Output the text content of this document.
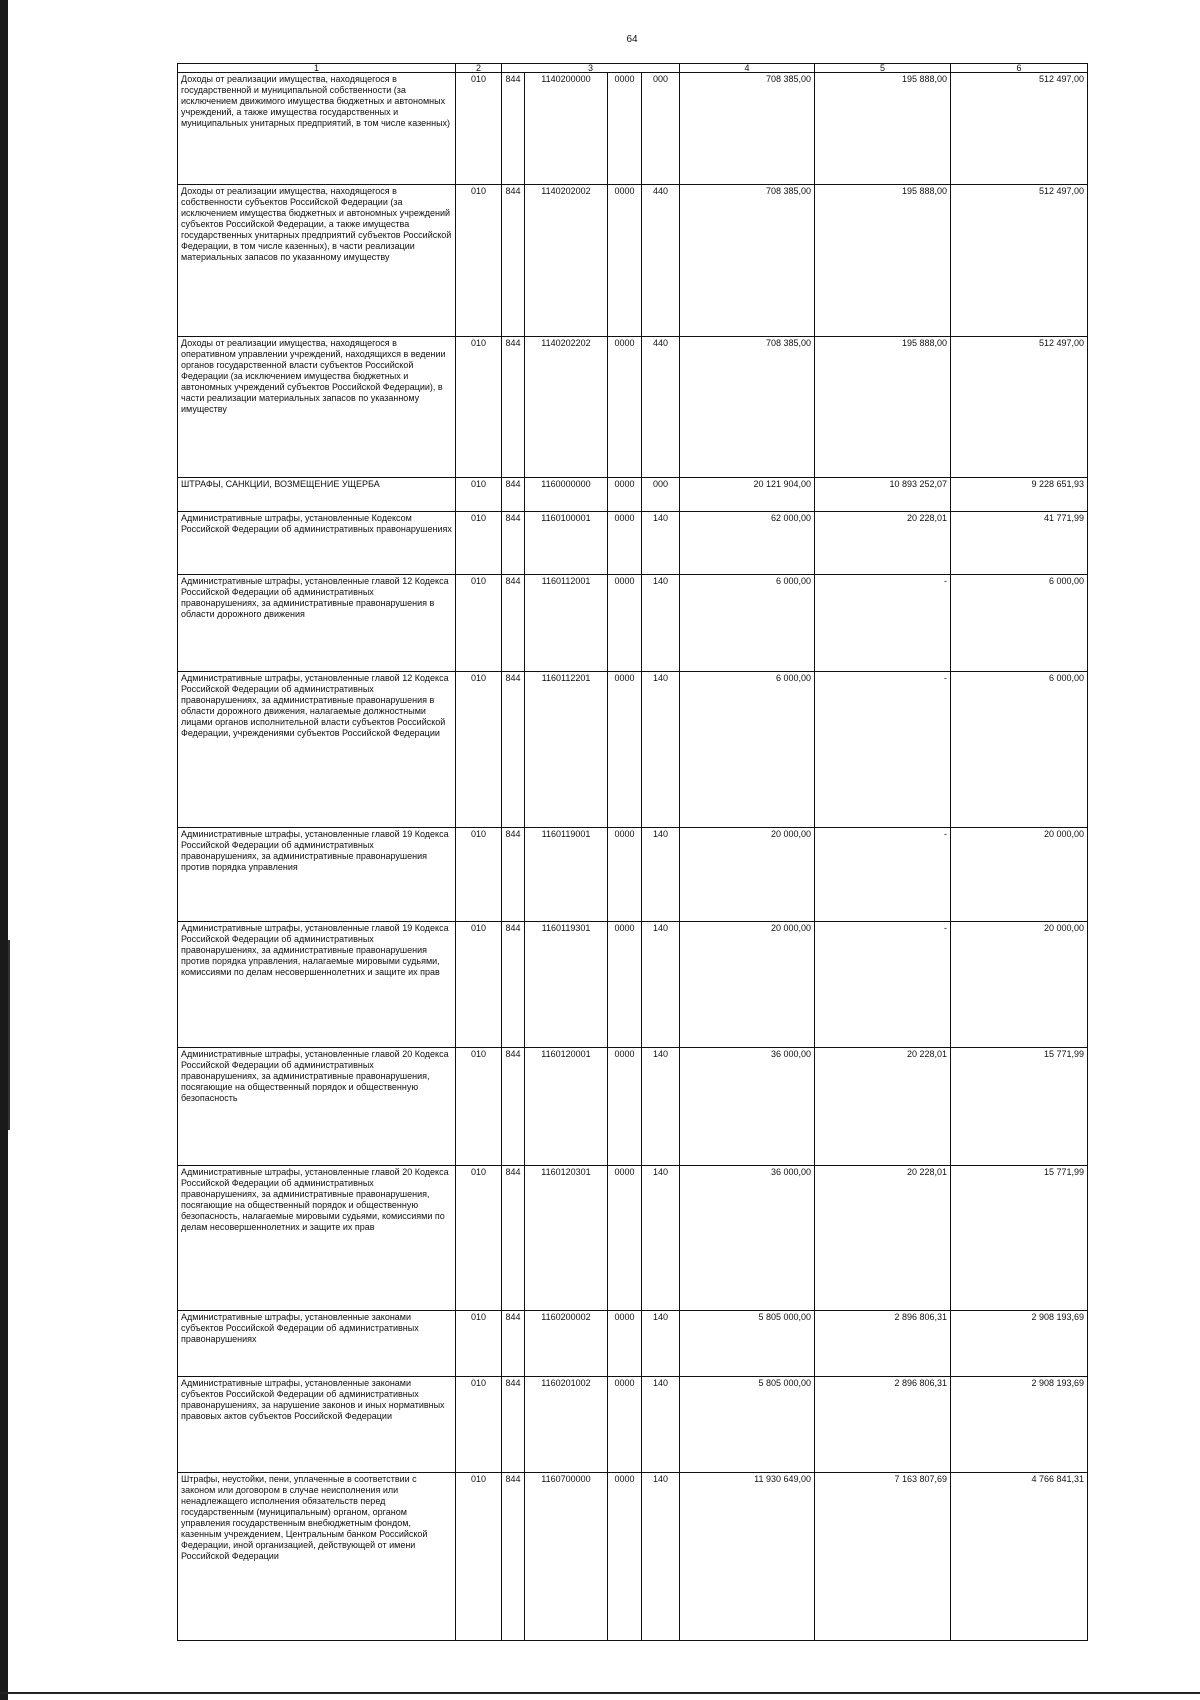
64
1	2	3				4	5	6
Доходы от реализации имущества, находящегося в государственной и муниципальной собственности (за исключением движимого имущества бюджетных и автономных учреждений, а также имущества государственных и муниципальных унитарных предприятий, в том числе казенных)	010	844	1140200000	0000	000	708 385,00	195 888,00	512 497,00
Доходы от реализации имущества, находящегося в собственности субъектов Российской Федерации (за исключением имущества бюджетных и автономных учреждений субъектов Российской Федерации, а также имущества государственных унитарных предприятий субъектов Российской Федерации, в том числе казенных), в части реализации материальных запасов по указанному имуществу	010	844	1140202002	0000	440	708 385,00	195 888,00	512 497,00
Доходы от реализации имущества, находящегося в оперативном управлении учреждений, находящихся в ведении органов государственной власти субъектов Российской Федерации (за исключением имущества бюджетных и автономных учреждений субъектов Российской Федерации), в части реализации материальных запасов по указанному имуществу	010	844	1140202202	0000	440	708 385,00	195 888,00	512 497,00
ШТРАФЫ, САНКЦИИ, ВОЗМЕЩЕНИЕ УЩЕРБА	010	844	1160000000	0000	000	20 121 904,00	10 893 252,07	9 228 651,93
Административные штрафы, установленные Кодексом Российской Федерации об административных правонарушениях	010	844	1160100001	0000	140	62 000,00	20 228,01	41 771,99
Административные штрафы, установленные главой 12 Кодекса Российской Федерации об административных правонарушениях, за административные правонарушения в области дорожного движения	010	844	1160112001	0000	140	6 000,00	-	6 000,00
Административные штрафы, установленные главой 12 Кодекса Российской Федерации об административных правонарушениях, за административные правонарушения в области дорожного движения, налагаемые должностными лицами органов исполнительной власти субъектов Российской Федерации, учреждениями субъектов Российской Федерации	010	844	1160112201	0000	140	6 000,00	-	6 000,00
Административные штрафы, установленные главой 19 Кодекса Российской Федерации об административных правонарушениях, за административные правонарушения против порядка управления	010	844	1160119001	0000	140	20 000,00	-	20 000,00
Административные штрафы, установленные главой 19 Кодекса Российской Федерации об административных правонарушениях, за административные правонарушения против порядка управления, налагаемые мировыми судьями, комиссиями по делам несовершеннолетних и защите их прав	010	844	1160119301	0000	140	20 000,00	-	20 000,00
Административные штрафы, установленные главой 20 Кодекса Российской Федерации об административных правонарушениях, за административные правонарушения, посягающие на общественный порядок и общественную безопасность	010	844	1160120001	0000	140	36 000,00	20 228,01	15 771,99
Административные штрафы, установленные главой 20 Кодекса Российской Федерации об административных правонарушениях, за административные правонарушения, посягающие на общественный порядок и общественную безопасность, налагаемые мировыми судьями, комиссиями по делам несовершеннолетних и защите их прав	010	844	1160120301	0000	140	36 000,00	20 228,01	15 771,99
Административные штрафы, установленные законами субъектов Российской Федерации об административных правонарушениях	010	844	1160200002	0000	140	5 805 000,00	2 896 806,31	2 908 193,69
Административные штрафы, установленные законами субъектов Российской Федерации об административных правонарушениях, за нарушение законов и иных нормативных правовых актов субъектов Российской Федерации	010	844	1160201002	0000	140	5 805 000,00	2 896 806,31	2 908 193,69
Штрафы, неустойки, пени, уплаченные в соответствии с законом или договором в случае неисполнения или ненадлежащего исполнения обязательств перед государственным (муниципальным) органом, органом управления государственным внебюджетным фондом, казенным учреждением, Центральным банком Российской Федерации, иной организацией, действующей от имени Российской Федерации	010	844	1160700000	0000	140	11 930 649,00	7 163 807,69	4 766 841,31
